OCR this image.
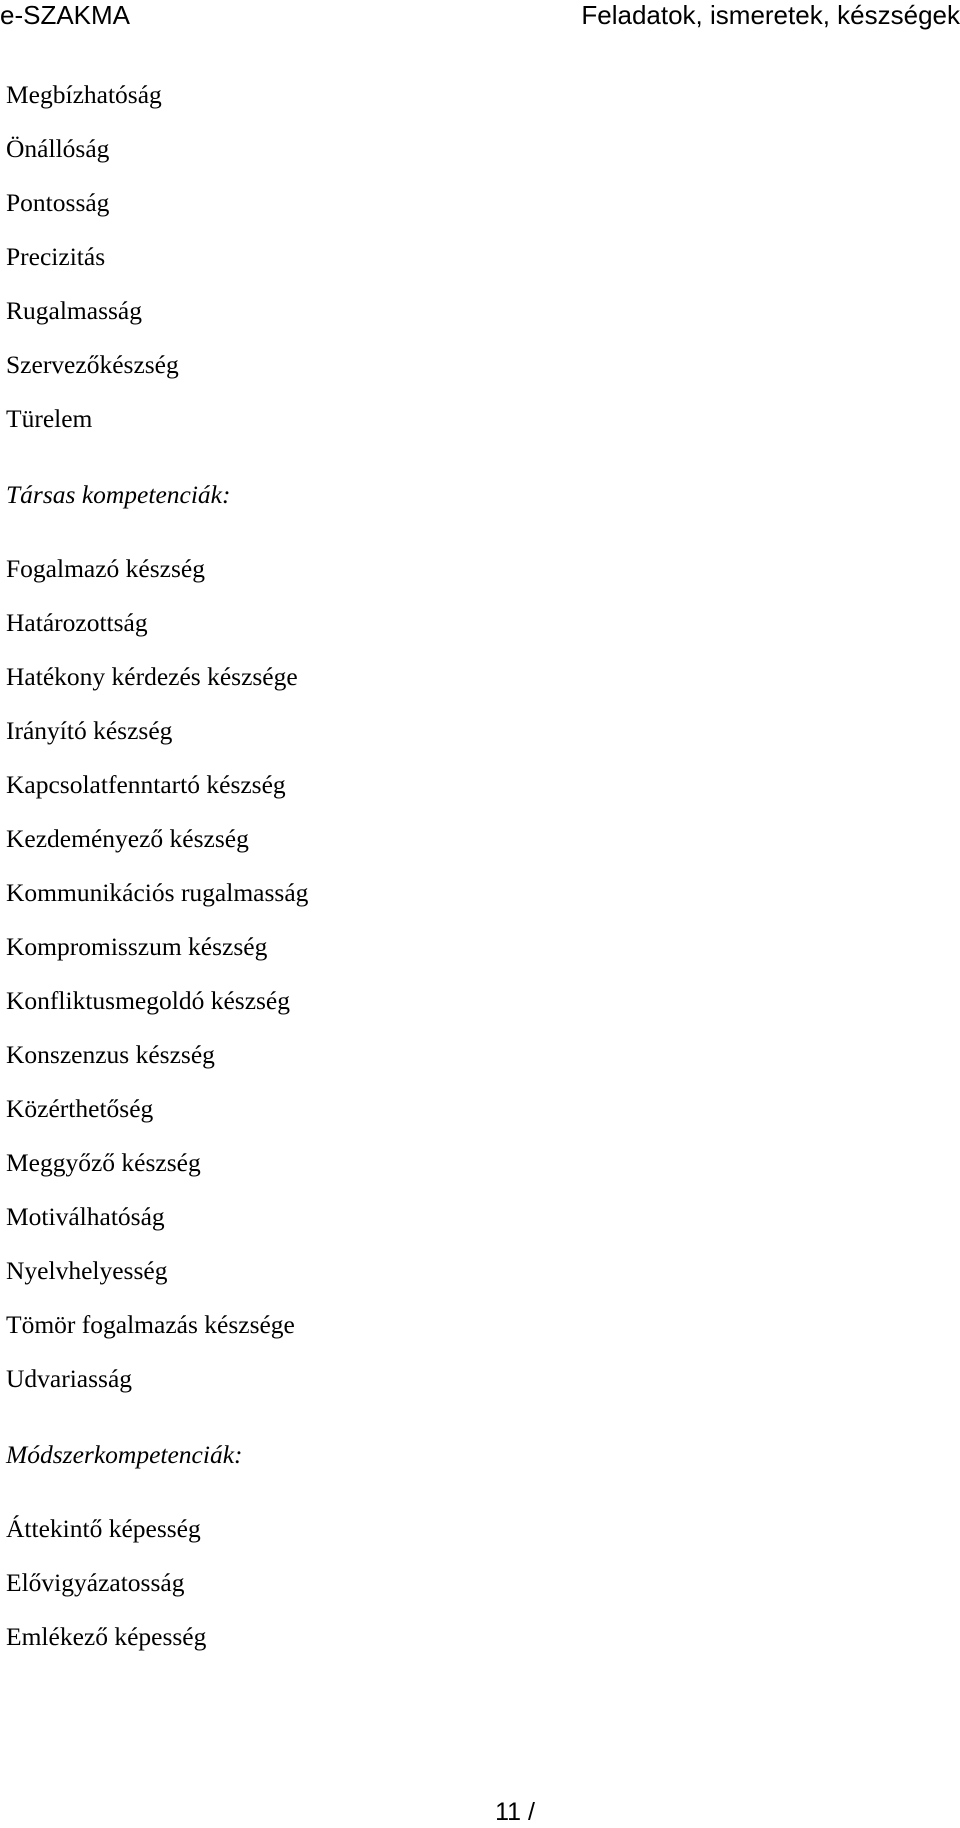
e-SZAKMA	Feladatok, ismeretek, készségek
Megbízhatóság
Önállóság
Pontosság
Precizitás
Rugalmasság
Szervezőkészség
Türelem
Társas kompetenciák:
Fogalmazó készség
Határozottság
Hatékony kérdezés készsége
Irányító készség
Kapcsolatfenntartó készség
Kezdeményező készség
Kommunikációs rugalmasság
Kompromisszum készség
Konfliktusmegoldó készség
Konszenzus készség
Közérthetőség
Meggyőző készség
Motiválhatóság
Nyelvhelyesség
Tömör fogalmazás készsége
Udvariasság
Módszerkompetenciák:
Áttekintő képesség
Elővigyázatosság
Emlékező képesség
11 /
